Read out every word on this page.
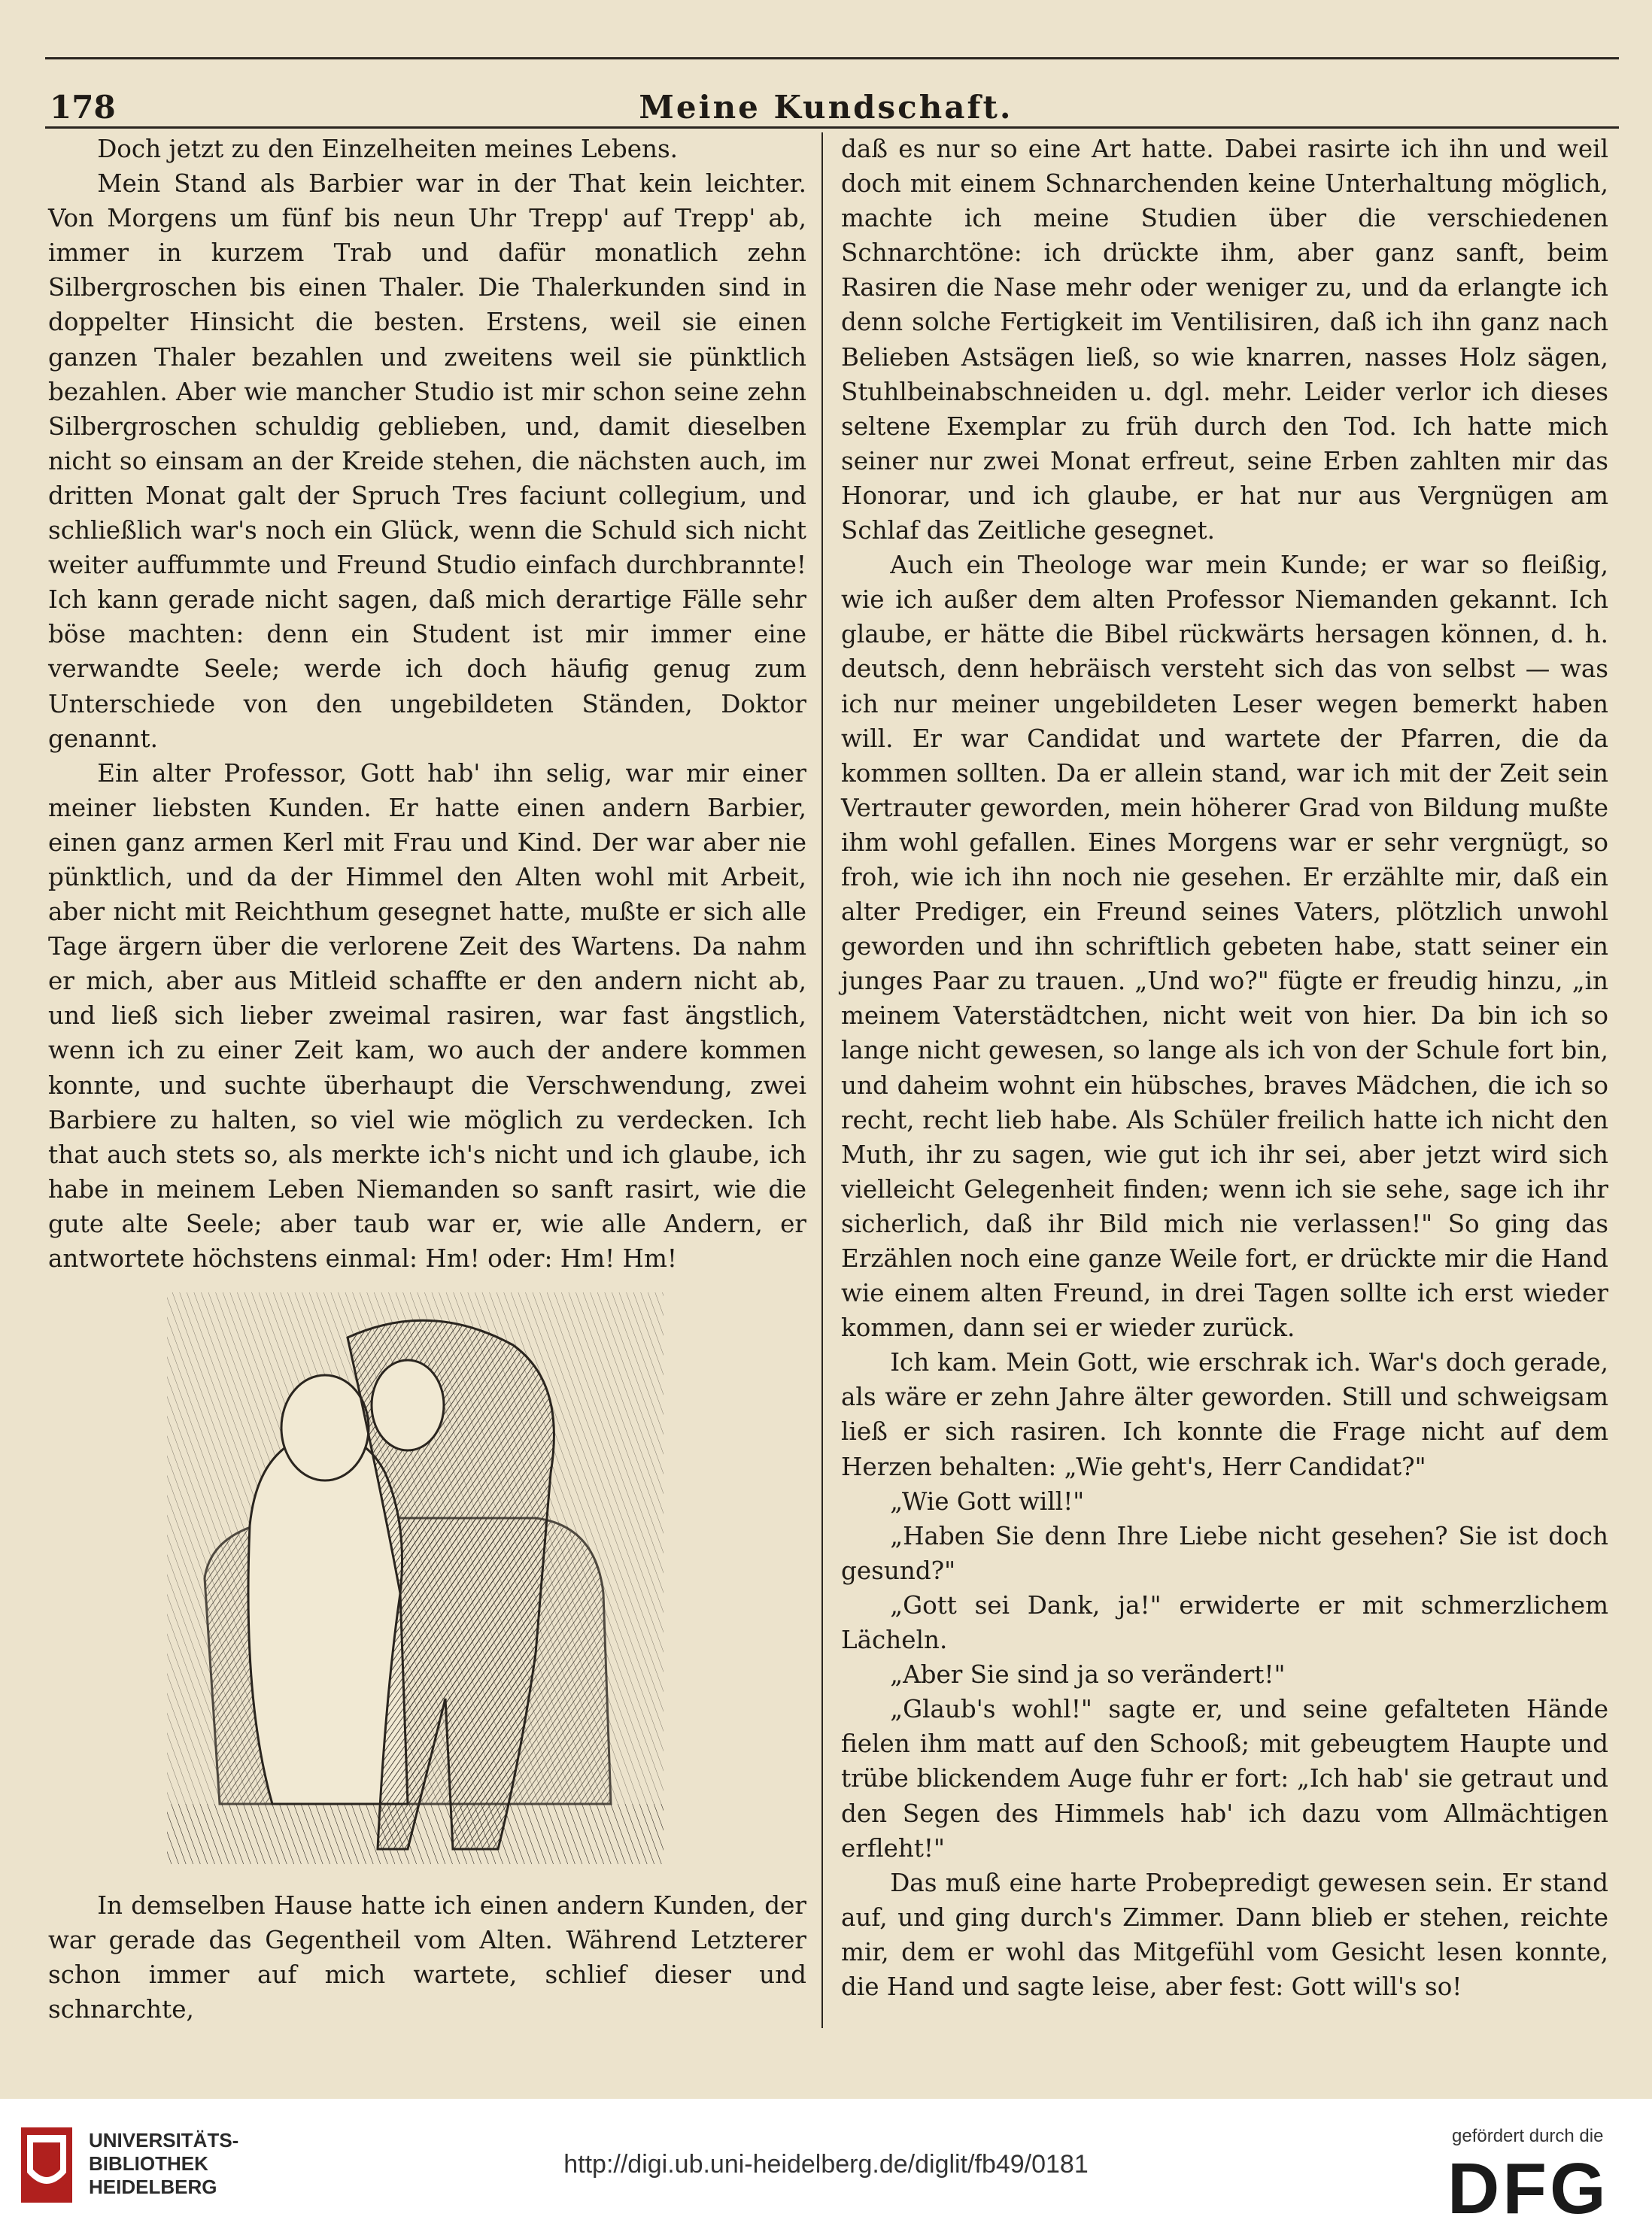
178	Meine Kundschaft.

Doch jetzt zu den Einzelheiten meines Lebens.

Mein Stand als Barbier war in der That kein leichter. Von Morgens um fünf bis neun Uhr Trepp' auf Trepp' ab, immer in kurzem Trab und dafür monatlich zehn Silbergroschen bis einen Thaler. Die Thalerkunden sind in doppelter Hinsicht die besten. Erstens, weil sie einen ganzen Thaler bezahlen und zweitens weil sie pünktlich bezahlen. Aber wie mancher Studio ist mir schon seine zehn Silbergroschen schuldig geblieben, und, damit dieselben nicht so einsam an der Kreide stehen, die nächsten auch, im dritten Monat galt der Spruch Tres faciunt collegium, und schließlich war's noch ein Glück, wenn die Schuld sich nicht weiter auffummte und Freund Studio einfach durchbrannte! Ich kann gerade nicht sagen, daß mich derartige Fälle sehr böse machten: denn ein Student ist mir immer eine verwandte Seele; werde ich doch häufig genug zum Unterschiede von den ungebildeten Ständen, Doktor genannt.

Ein alter Professor, Gott hab' ihn selig, war mir einer meiner liebsten Kunden. Er hatte einen andern Barbier, einen ganz armen Kerl mit Frau und Kind. Der war aber nie pünktlich, und da der Himmel den Alten wohl mit Arbeit, aber nicht mit Reichthum gesegnet hatte, mußte er sich alle Tage ärgern über die verlorene Zeit des Wartens. Da nahm er mich, aber aus Mitleid schaffte er den andern nicht ab, und ließ sich lieber zweimal rasiren, war fast ängstlich, wenn ich zu einer Zeit kam, wo auch der andere kommen konnte, und suchte überhaupt die Verschwendung, zwei Barbiere zu halten, so viel wie möglich zu verdecken. Ich that auch stets so, als merkte ich's nicht und ich glaube, ich habe in meinem Leben Niemanden so sanft rasirt, wie die gute alte Seele; aber taub war er, wie alle Andern, er antwortete höchstens einmal: Hm! oder: Hm! Hm!

In demselben Hause hatte ich einen andern Kunden, der war gerade das Gegentheil vom Alten. Während Letzterer schon immer auf mich wartete, schlief dieser und schnarchte,

daß es nur so eine Art hatte. Dabei rasirte ich ihn und weil doch mit einem Schnarchenden keine Unterhaltung möglich, machte ich meine Studien über die verschiedenen Schnarchtöne: ich drückte ihm, aber ganz sanft, beim Rasiren die Nase mehr oder weniger zu, und da erlangte ich denn solche Fertigkeit im Ventilisiren, daß ich ihn ganz nach Belieben Astsägen ließ, so wie knarren, nasses Holz sägen, Stuhlbeinabschneiden u. dgl. mehr. Leider verlor ich dieses seltene Exemplar zu früh durch den Tod. Ich hatte mich seiner nur zwei Monat erfreut, seine Erben zahlten mir das Honorar, und ich glaube, er hat nur aus Vergnügen am Schlaf das Zeitliche gesegnet.

Auch ein Theologe war mein Kunde; er war so fleißig, wie ich außer dem alten Professor Niemanden gekannt. Ich glaube, er hätte die Bibel rückwärts hersagen können, d. h. deutsch, denn hebräisch versteht sich das von selbst — was ich nur meiner ungebildeten Leser wegen bemerkt haben will. Er war Candidat und wartete der Pfarren, die da kommen sollten. Da er allein stand, war ich mit der Zeit sein Vertrauter geworden, mein höherer Grad von Bildung mußte ihm wohl gefallen. Eines Morgens war er sehr vergnügt, so froh, wie ich ihn noch nie gesehen. Er erzählte mir, daß ein alter Prediger, ein Freund seines Vaters, plötzlich unwohl geworden und ihn schriftlich gebeten habe, statt seiner ein junges Paar zu trauen. „Und wo?" fügte er freudig hinzu, „in meinem Vaterstädtchen, nicht weit von hier. Da bin ich so lange nicht gewesen, so lange als ich von der Schule fort bin, und daheim wohnt ein hübsches, braves Mädchen, die ich so recht, recht lieb habe. Als Schüler freilich hatte ich nicht den Muth, ihr zu sagen, wie gut ich ihr sei, aber jetzt wird sich vielleicht Gelegenheit finden; wenn ich sie sehe, sage ich ihr sicherlich, daß ihr Bild mich nie verlassen!" So ging das Erzählen noch eine ganze Weile fort, er drückte mir die Hand wie einem alten Freund, in drei Tagen sollte ich erst wieder kommen, dann sei er wieder zurück.

Ich kam. Mein Gott, wie erschrak ich. War's doch gerade, als wäre er zehn Jahre älter geworden. Still und schweigsam ließ er sich rasiren. Ich konnte die Frage nicht auf dem Herzen behalten: „Wie geht's, Herr Candidat?"

„Wie Gott will!"

„Haben Sie denn Ihre Liebe nicht gesehen? Sie ist doch gesund?"

„Gott sei Dank, ja!" erwiderte er mit schmerzlichem Lächeln.

„Aber Sie sind ja so verändert!"

„Glaub's wohl!" sagte er, und seine gefalteten Hände fielen ihm matt auf den Schooß; mit gebeugtem Haupte und trübe blickendem Auge fuhr er fort: „Ich hab' sie getraut und den Segen des Himmels hab' ich dazu vom Allmächtigen erfleht!"

Das muß eine harte Probepredigt gewesen sein. Er stand auf, und ging durch's Zimmer. Dann blieb er stehen, reichte mir, dem er wohl das Mitgefühl vom Gesicht lesen konnte, die Hand und sagte leise, aber fest: Gott will's so!

UNIVERSITÄTS-
BIBLIOTHEK
HEIDELBERG
http://digi.ub.uni-heidelberg.de/diglit/fb49/0181
gefördert durch die
DFG
